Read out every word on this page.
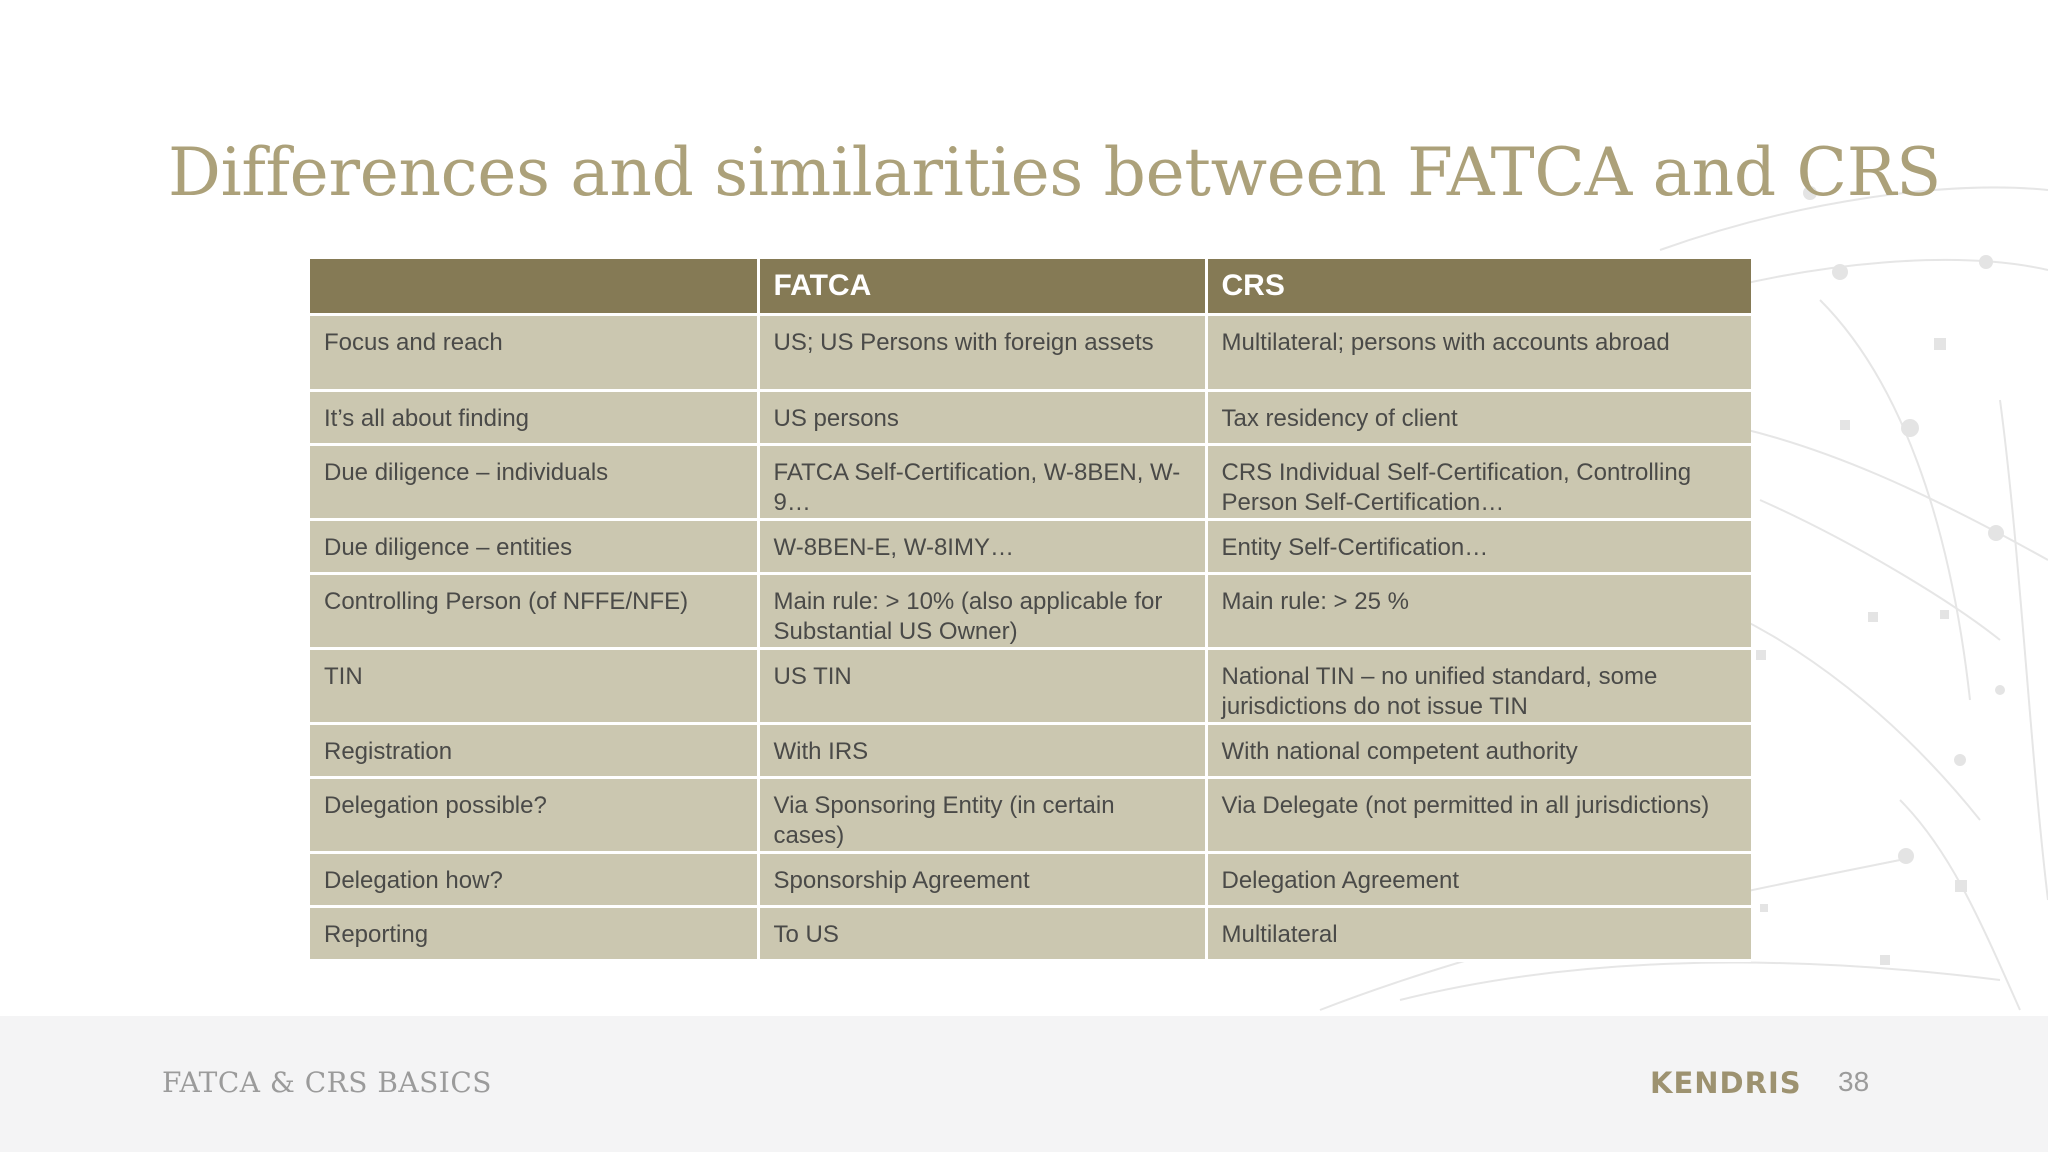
Differences and similarities between FATCA and CRS
	FATCA	CRS
Focus and reach	US; US Persons with foreign assets	Multilateral; persons with accounts abroad
It’s all about finding	US persons	Tax residency of client
Due diligence – individuals	FATCA Self-Certification, W-8BEN, W-9…	CRS Individual Self-Certification, Controlling Person Self-Certification…
Due diligence – entities	W-8BEN-E, W-8IMY…	Entity Self-Certification…
Controlling Person (of NFFE/NFE)	Main rule: > 10% (also applicable for Substantial US Owner)	Main rule: > 25 %
TIN	US TIN	National TIN – no unified standard, some jurisdictions do not issue TIN
Registration	With IRS	With national competent authority
Delegation possible?	Via Sponsoring Entity (in certain cases)	Via Delegate (not permitted in all jurisdictions)
Delegation how?	Sponsorship Agreement	Delegation Agreement
Reporting	To US	Multilateral
FATCA & CRS BASICS	KENDRIS 38
